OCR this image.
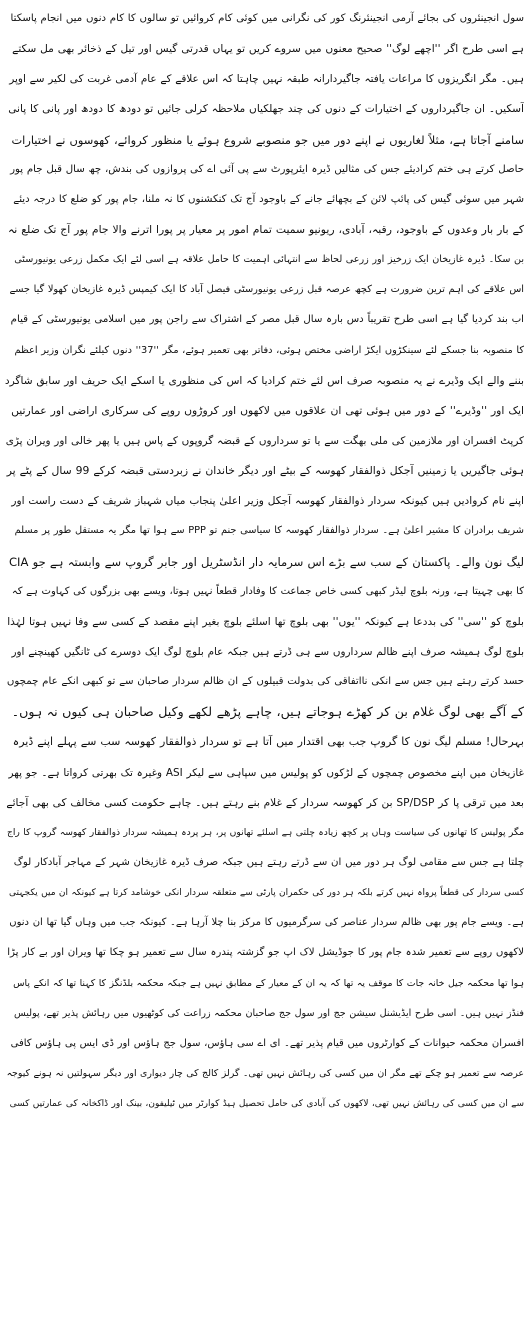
سول انجینئروں کی بجائے آرمی انجینئرنگ کور کی نگرانی میں کوئی کام کروائیں تو سالوں کا کام دنوں میں انجام پاسکتا
ہے اسی طرح اگر ''اچھے لوگ'' صحیح معنوں میں سروے کریں تو یہاں قدرتی گیس اور تیل کے ذخائر بھی مل سکتے
ہیں۔ مگر انگریزوں کا مراعات یافتہ جاگیردارانہ طبقہ نہیں چاہتا کہ اس علاقے کے عام آدمی غربت کی لکیر سے اوپر
آسکیں۔ ان جاگیرداروں کے اختیارات کے دنوں کی چند جھلکیاں ملاحظہ کرلی جائیں تو دودھ کا دودھ اور پانی کا پانی
سامنے آجاتا ہے، مثلاً لغاریوں نے اپنے دور میں جو منصوبے شروع ہوئے یا منظور کروائے، کھوسوں نے اختیارات
حاصل کرتے ہی ختم کرادیئے جس کی مثالیں ڈیرہ ایئرپورٹ سے پی آئی اے کی پروازوں کی بندش، چھ سال قبل جام پور
شہر میں سوئی گیس کی پائپ لائن کے بچھائے جانے کے باوجود آج تک کنکشنوں کا نہ ملنا، جام پور کو ضلع کا درجہ دیئے
کے بار بار وعدوں کے باوجود، رقبہ، آبادی، ریونیو سمیت تمام امور پر معیار پر پورا اترنے والا جام پور آج تک ضلع نہ
بن سکا۔ ڈیرہ غازیخان ایک زرخیز اور زرعی لحاظ سے انتہائی اہمیت کا حامل علاقہ ہے اسی لئے ایک مکمل زرعی یونیورسٹی
اس علاقے کی اہم ترین ضرورت ہے کچھ عرصہ قبل زرعی یونیورسٹی فیصل آباد کا ایک کیمپس ڈیرہ غازیخان کھولا گیا جسے
اب بند کردیا گیا ہے اسی طرح تقریباً دس بارہ سال قبل مصر کے اشتراک سے راجن پور میں اسلامی یونیورسٹی کے قیام
کا منصوبہ بنا جسکے لئے سینکڑوں ایکڑ اراضی مختص ہوئی، دفاتر بھی تعمیر ہوئے، مگر ''37'' دنوں کیلئے نگران وزیر اعظم
بننے والے ایک وڈیرے نے یہ منصوبہ صرف اس لئے ختم کرادیا کہ اس کی منظوری یا اسکے ایک حریف اور سابق شاگرد
ایک اور ''وڈیرے'' کے دور میں ہوئی تھی ان علاقوں میں لاکھوں اور کروڑوں روپے کی سرکاری اراضی اور عمارتیں
کرپٹ افسران اور ملازمین کی ملی بھگت سے یا تو سرداروں کے قبضہ گروپوں کے پاس ہیں یا پھر خالی اور ویران پڑی
ہوئی جاگیریں یا زمینیں آجکل ذوالفقار کھوسہ کے بیٹے اور دیگر خاندان نے زبردستی قبضہ کرکے 99 سال کے پٹے پر
اپنے نام کروادیں ہیں کیونکہ سردار ذوالفقار کھوسہ آجکل وزیر اعلیٰ پنجاب میاں شہباز شریف کے دست راست اور
شریف برادران کا مشیر اعلیٰ ہے۔ سردار ذوالفقار کھوسہ کا سیاسی جنم تو PPP سے ہوا تھا مگر یہ مستقل طور پر مسلم
لیگ نون والے۔ پاکستان کے سب سے بڑے اس سرمایہ دار انڈسٹریل اور جابر گروپ سے وابستہ ہے جو CIA
کا بھی چہیتا ہے، ورنہ بلوچ لیڈر کبھی کسی خاص جماعت کا وفادار قطعاً نہیں ہوتا، ویسے بھی بزرگوں کی کہاوت ہے کہ
بلوچ کو ''سی'' کی بددعا ہے کیونکہ ''یوں'' بھی بلوچ تھا اسلئے بلوچ بغیر اپنے مقصد کے کسی سے وفا نہیں ہوتا لہٰذا
بلوچ لوگ ہمیشہ صرف اپنے ظالم سرداروں سے ہی ڈرتے ہیں جبکہ عام بلوچ لوگ ایک دوسرے کی ٹانگیں کھینچنے اور
حسد کرتے رہتے ہیں جس سے انکی نااتفاقی کی بدولت قبیلوں کے ان ظالم سردار صاحبان سے تو کبھی انکے عام چمچوں
کے آگے بھی لوگ غلام بن کر کھڑے ہوجاتے ہیں، چاہے پڑھے لکھے وکیل صاحبان ہی کیوں نہ ہوں۔
بہرحال! مسلم لیگ نون کا گروپ جب بھی اقتدار میں آتا ہے تو سردار ذوالفقار کھوسہ سب سے پہلے اپنے ڈیرہ
غازیخان میں اپنے مخصوص چمچوں کے لڑکوں کو پولیس میں سپاہی سے لیکر ASI وغیرہ تک بھرتی کرواتا ہے۔ جو پھر
بعد میں ترقی پا کر SP/DSP بن کر کھوسہ سردار کے غلام بنے رہتے ہیں۔ چاہے حکومت کسی مخالف کی بھی آجائے
مگر پولیس کا تھانوں کی سیاست وہاں پر کچھ زیادہ چلتی ہے اسلئے تھانوں پر، ہر پردہ ہمیشہ سردار ذوالفقار کھوسہ گروپ کا راج
چلتا ہے جس سے مقامی لوگ ہر دور میں ان سے ڈرتے رہتے ہیں جبکہ صرف ڈیرہ غازیخان شہر کے مہاجر آبادکار لوگ
کسی سردار کی قطعاً پرواہ نہیں کرتے بلکہ ہر دور کی حکمران پارٹی سے متعلقہ سردار انکی خوشامد کرتا ہے کیونکہ ان میں یکجہتی
ہے۔ ویسے جام پور بھی ظالم سردار عناصر کی سرگرمیوں کا مرکز بنا چلا آرہا ہے۔ کیونکہ جب میں وہاں گیا تھا ان دنوں
لاکھوں روپے سے تعمیر شدہ جام پور کا جوڈیشل لاک اپ جو گزشتہ پندرہ سال سے تعمیر ہو چکا تھا ویران اور بے کار پڑا
ہوا تھا محکمہ جیل خانہ جات کا موقف یہ تھا کہ یہ ان کے معیار کے مطابق نہیں ہے جبکہ محکمہ بلڈنگز کا کہنا تھا کہ انکے پاس
فنڈز نہیں ہیں۔ اسی طرح ایڈیشنل سیشن جج اور سول جج صاحبان محکمہ زراعت کی کوٹھیوں میں رہائش پذیر تھے، پولیس
افسران محکمہ حیوانات کے کوارٹروں میں قیام پذیر تھے۔ ای اے سی ہاؤس، سول جج ہاؤس اور ڈی ایس پی ہاؤس کافی
عرصہ سے تعمیر ہو چکے تھے مگر ان میں کسی کی رہائش نہیں تھی۔ گرلز کالج کی چار دیواری اور دیگر سہولتیں نہ ہونے کیوجہ
سے ان میں کسی کی رہائش نہیں تھی، لاکھوں کی آبادی کی حامل تحصیل ہیڈ کوارٹر میں ٹیلیفون، بینک اور ڈاکخانہ کی عمارتیں کسی
